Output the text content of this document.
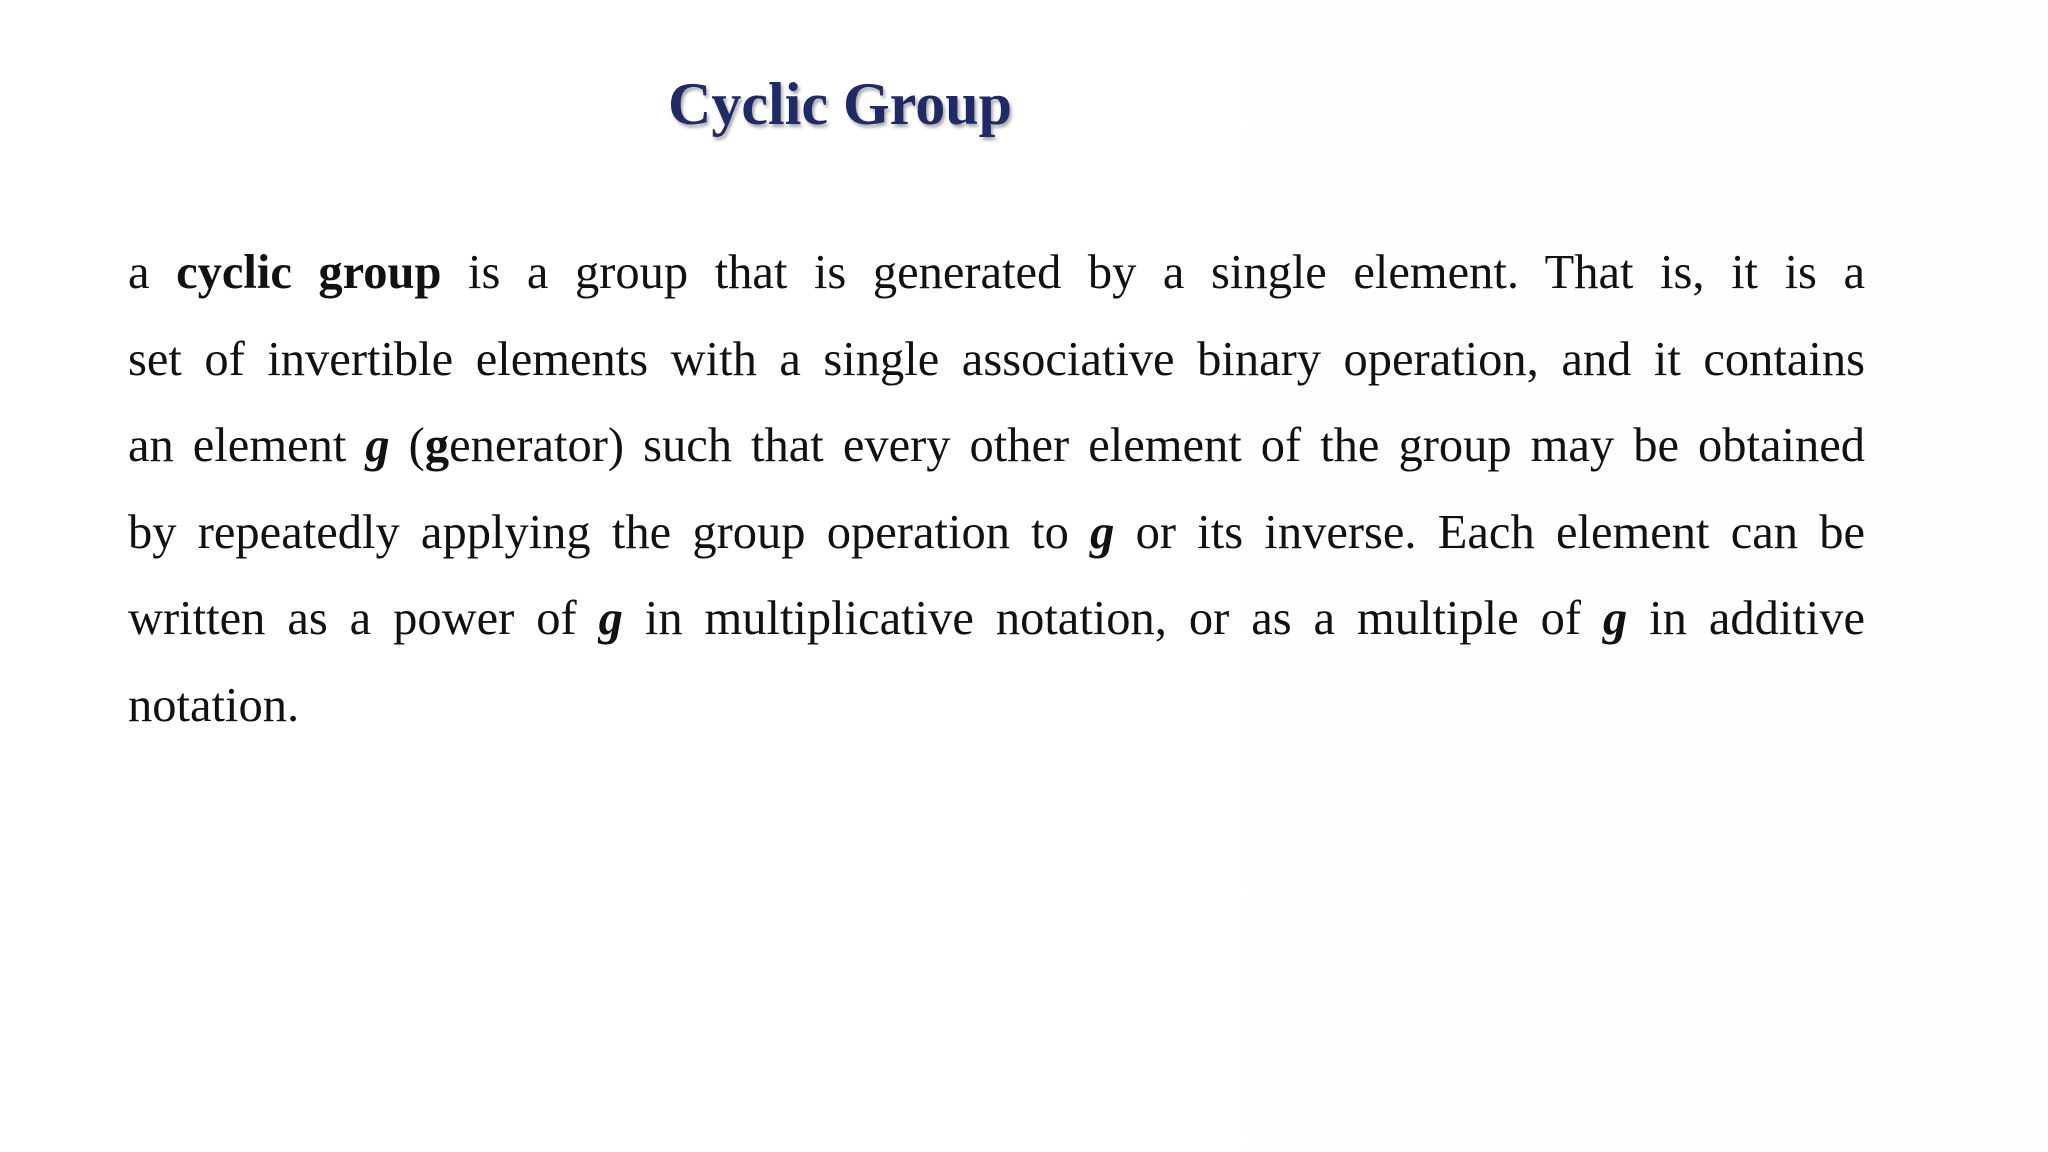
Cyclic Group
a cyclic group is a group that is generated by a single element. That is, it is a
set of invertible elements with a single associative binary operation, and it contains
an element g (generator) such that every other element of the group may be obtained
by repeatedly applying the group operation to g or its inverse. Each element can be
written as a power of g in multiplicative notation, or as a multiple of g in additive
notation.
